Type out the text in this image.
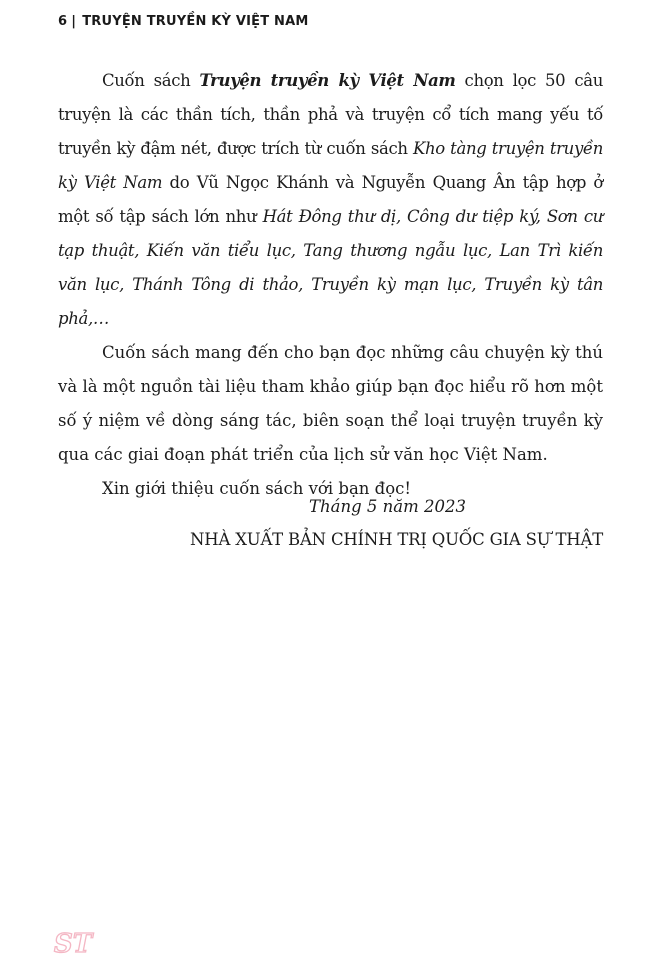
6 | TRUYỆN TRUYỀN KỲ VIỆT NAM

Cuốn sách Truyện truyền kỳ Việt Nam chọn lọc 50 câu truyện là các thần tích, thần phả và truyện cổ tích mang yếu tố truyền kỳ đậm nét, được trích từ cuốn sách Kho tàng truyện truyền kỳ Việt Nam do Vũ Ngọc Khánh và Nguyễn Quang Ân tập hợp ở một số tập sách lớn như Hát Đông thư dị, Công dư tiệp ký, Sơn cư tạp thuật, Kiến văn tiểu lục, Tang thương ngẫu lục, Lan Trì kiến văn lục, Thánh Tông di thảo, Truyền kỳ mạn lục, Truyền kỳ tân phả,…

Cuốn sách mang đến cho bạn đọc những câu chuyện kỳ thú và là một nguồn tài liệu tham khảo giúp bạn đọc hiểu rõ hơn một số ý niệm về dòng sáng tác, biên soạn thể loại truyện truyền kỳ qua các giai đoạn phát triển của lịch sử văn học Việt Nam.

Xin giới thiệu cuốn sách với bạn đọc!

Tháng 5 năm 2023
NHÀ XUẤT BẢN CHÍNH TRỊ QUỐC GIA SỰ THẬT
ST
